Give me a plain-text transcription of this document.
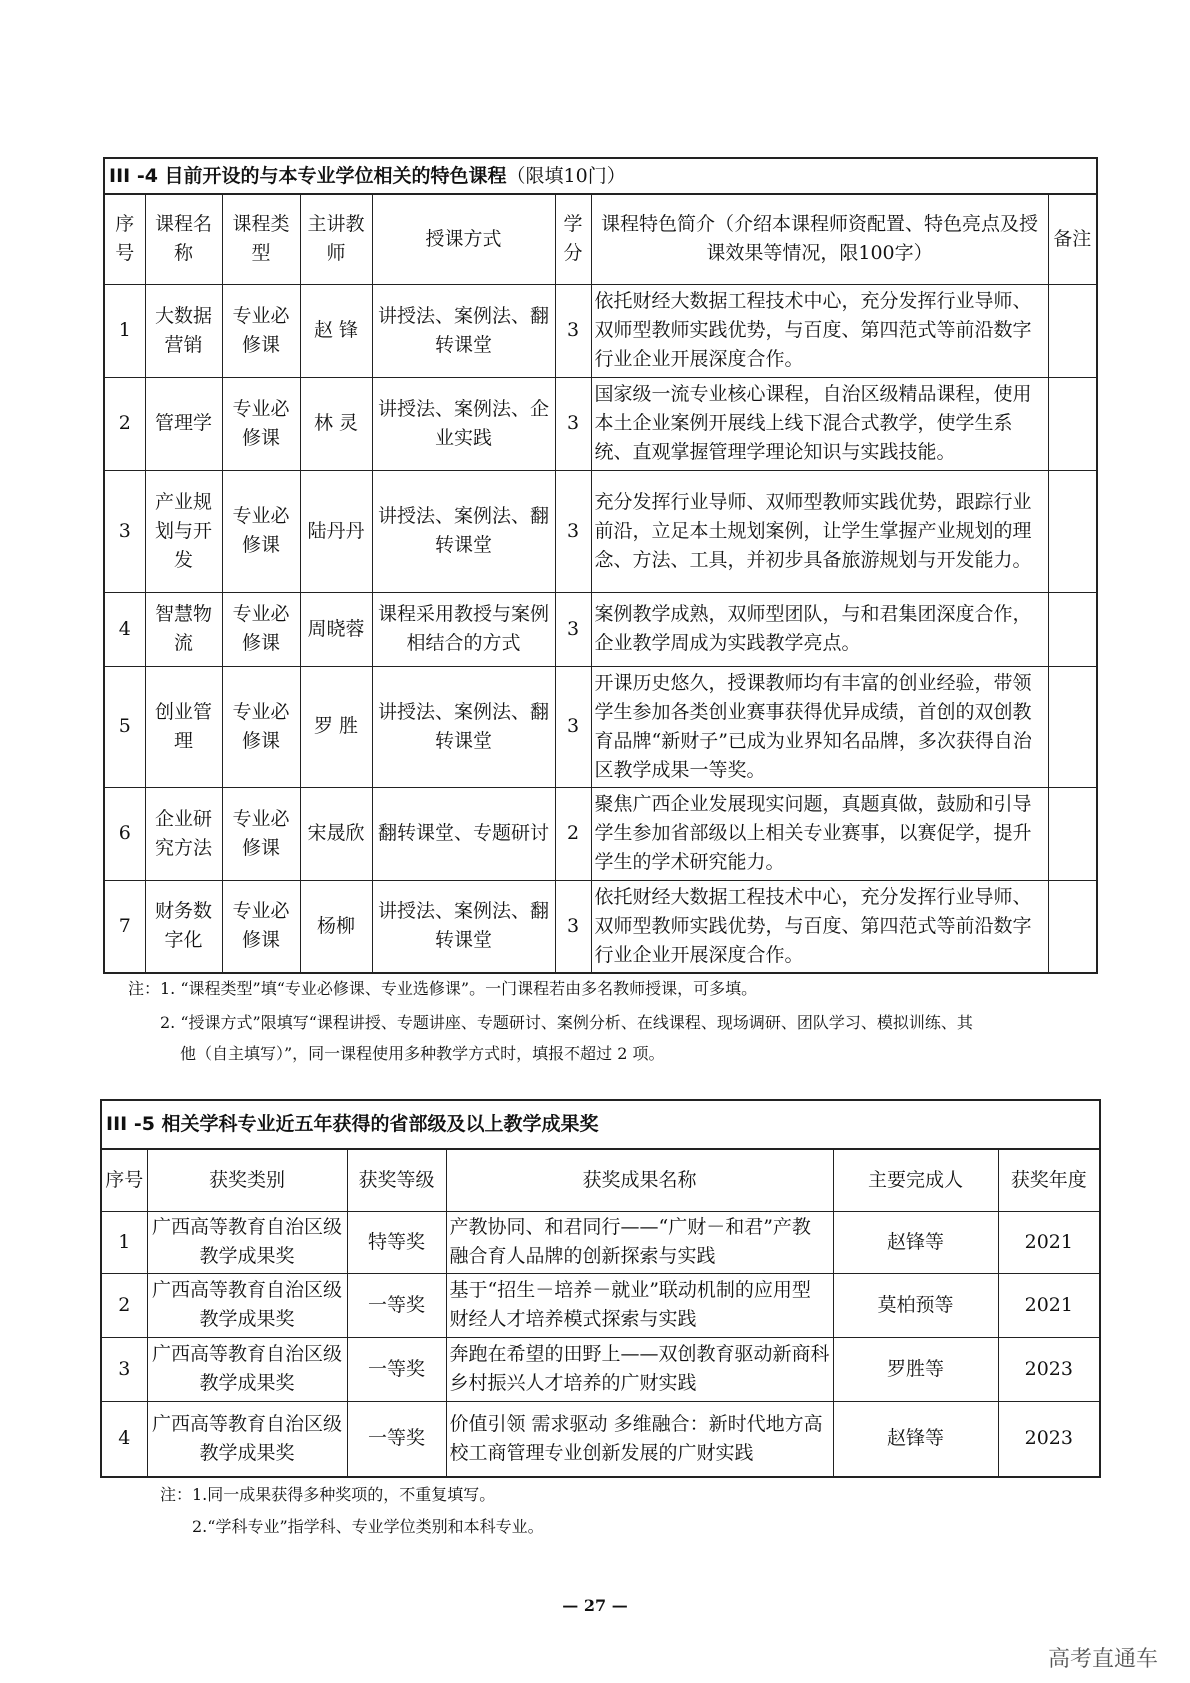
III -4 目前开设的与本专业学位相关的特色课程（限填10门）							
序号	课程名称	课程类型	主讲教师	授课方式	学分	课程特色简介（介绍本课程师资配置、特色亮点及授课效果等情况，限100字）	备注
1	大数据营销	专业必修课	赵 锋	讲授法、案例法、翻转课堂	3	依托财经大数据工程技术中心，充分发挥行业导师、双师型教师实践优势，与百度、第四范式等前沿数字行业企业开展深度合作。	
2	管理学	专业必修课	林 灵	讲授法、案例法、企业实践	3	国家级一流专业核心课程，自治区级精品课程，使用本土企业案例开展线上线下混合式教学，使学生系统、直观掌握管理学理论知识与实践技能。	
3	产业规划与开发	专业必修课	陆丹丹	讲授法、案例法、翻转课堂	3	充分发挥行业导师、双师型教师实践优势，跟踪行业前沿，立足本土规划案例，让学生掌握产业规划的理念、方法、工具，并初步具备旅游规划与开发能力。	
4	智慧物流	专业必修课	周晓蓉	课程采用教授与案例相结合的方式	3	案例教学成熟，双师型团队，与和君集团深度合作，企业教学周成为实践教学亮点。	
5	创业管理	专业必修课	罗 胜	讲授法、案例法、翻转课堂	3	开课历史悠久，授课教师均有丰富的创业经验，带领学生参加各类创业赛事获得优异成绩，首创的双创教育品牌“新财子”已成为业界知名品牌，多次获得自治区教学成果一等奖。	
6	企业研究方法	专业必修课	宋晟欣	翻转课堂、专题研讨	2	聚焦广西企业发展现实问题，真题真做，鼓励和引导学生参加省部级以上相关专业赛事，以赛促学，提升学生的学术研究能力。	
7	财务数字化	专业必修课	杨柳	讲授法、案例法、翻转课堂	3	依托财经大数据工程技术中心，充分发挥行业导师、双师型教师实践优势，与百度、第四范式等前沿数字行业企业开展深度合作。	
注：1. “课程类型”填“专业必修课、专业选修课”。一门课程若由多名教师授课，可多填。
2. “授课方式”限填写“课程讲授、专题讲座、专题研讨、案例分析、在线课程、现场调研、团队学习、模拟训练、其
他（自主填写）”，同一课程使用多种教学方式时，填报不超过 2 项。
III -5 相关学科专业近五年获得的省部级及以上教学成果奖					
序号	获奖类别	获奖等级	获奖成果名称	主要完成人	获奖年度
1	广西高等教育自治区级教学成果奖	特等奖	产教协同、和君同行——“广财－和君”产教融合育人品牌的创新探索与实践	赵锋等	2021
2	广西高等教育自治区级教学成果奖	一等奖	基于“招生－培养－就业”联动机制的应用型财经人才培养模式探索与实践	莫柏预等	2021
3	广西高等教育自治区级教学成果奖	一等奖	奔跑在希望的田野上——双创教育驱动新商科乡村振兴人才培养的广财实践	罗胜等	2023
4	广西高等教育自治区级教学成果奖	一等奖	价值引领 需求驱动 多维融合：新时代地方高校工商管理专业创新发展的广财实践	赵锋等	2023
注：1.同一成果获得多种奖项的，不重复填写。
2.“学科专业”指学科、专业学位类别和本科专业。
— 27 —
高考直通车
